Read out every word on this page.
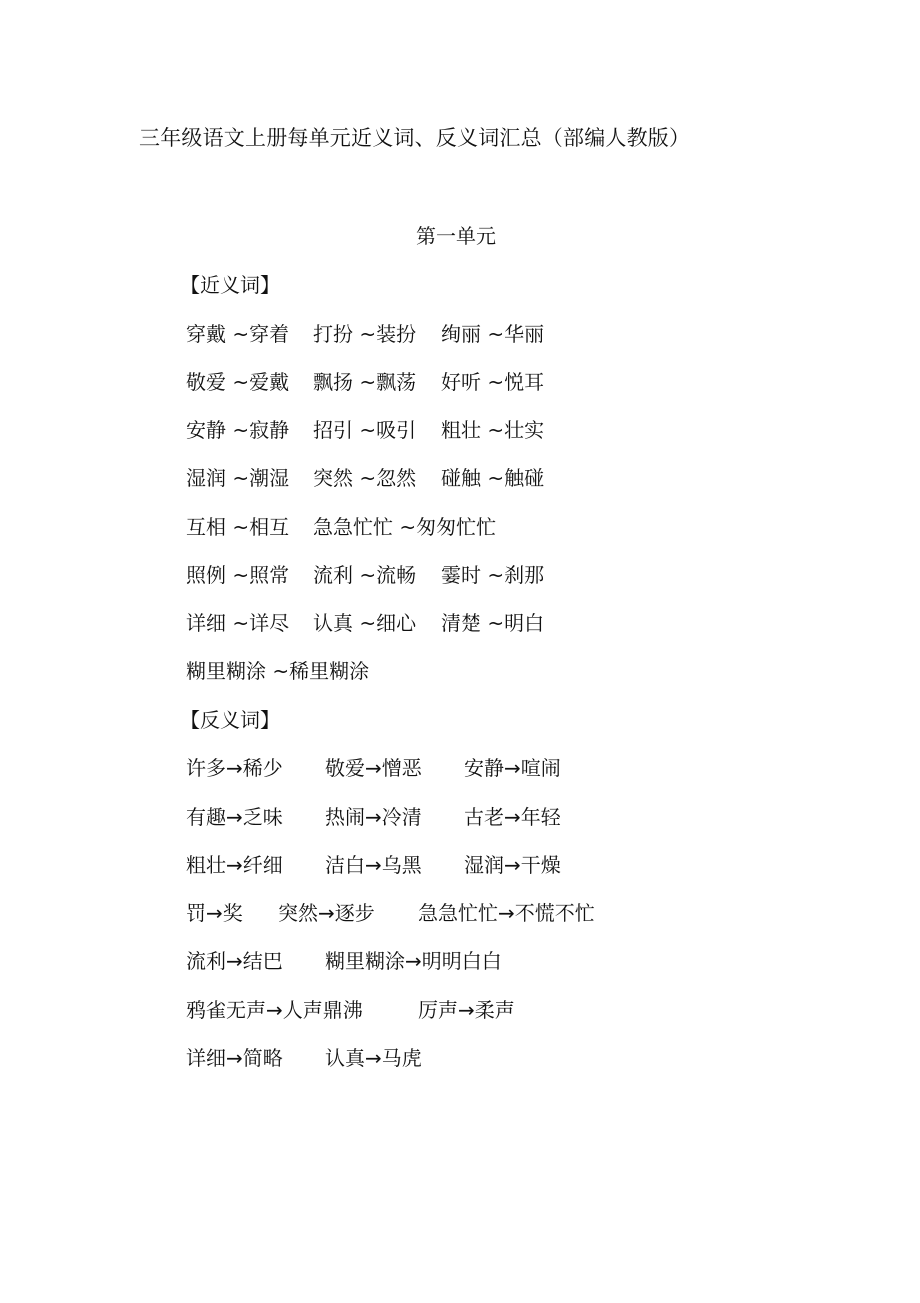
三年级语文上册每单元近义词、反义词汇总（部编人教版）
第一单元
【近义词】
穿戴 ~穿着 打扮 ~装扮 绚丽 ~华丽
敬爱 ~爱戴 飘扬 ~飘荡 好听 ~悦耳
安静 ~寂静 招引 ~吸引 粗壮 ~壮实
湿润 ~潮湿 突然 ~忽然 碰触 ~触碰
互相 ~相互 急急忙忙 ~匆匆忙忙
照例 ~照常 流利 ~流畅 霎时 ~刹那
详细 ~详尽 认真 ~细心 清楚 ~明白
糊里糊涂 ~稀里糊涂
【反义词】
许多→稀少 敬爱→憎恶 安静→喧闹
有趣→乏味 热闹→冷清 古老→年轻
粗壮→纤细 洁白→乌黑 湿润→干燥
罚→奖 突然→逐步 急急忙忙→不慌不忙
流利→结巴 糊里糊涂→明明白白
鸦雀无声→人声鼎沸	厉声→柔声
详细→简略 认真→马虎
